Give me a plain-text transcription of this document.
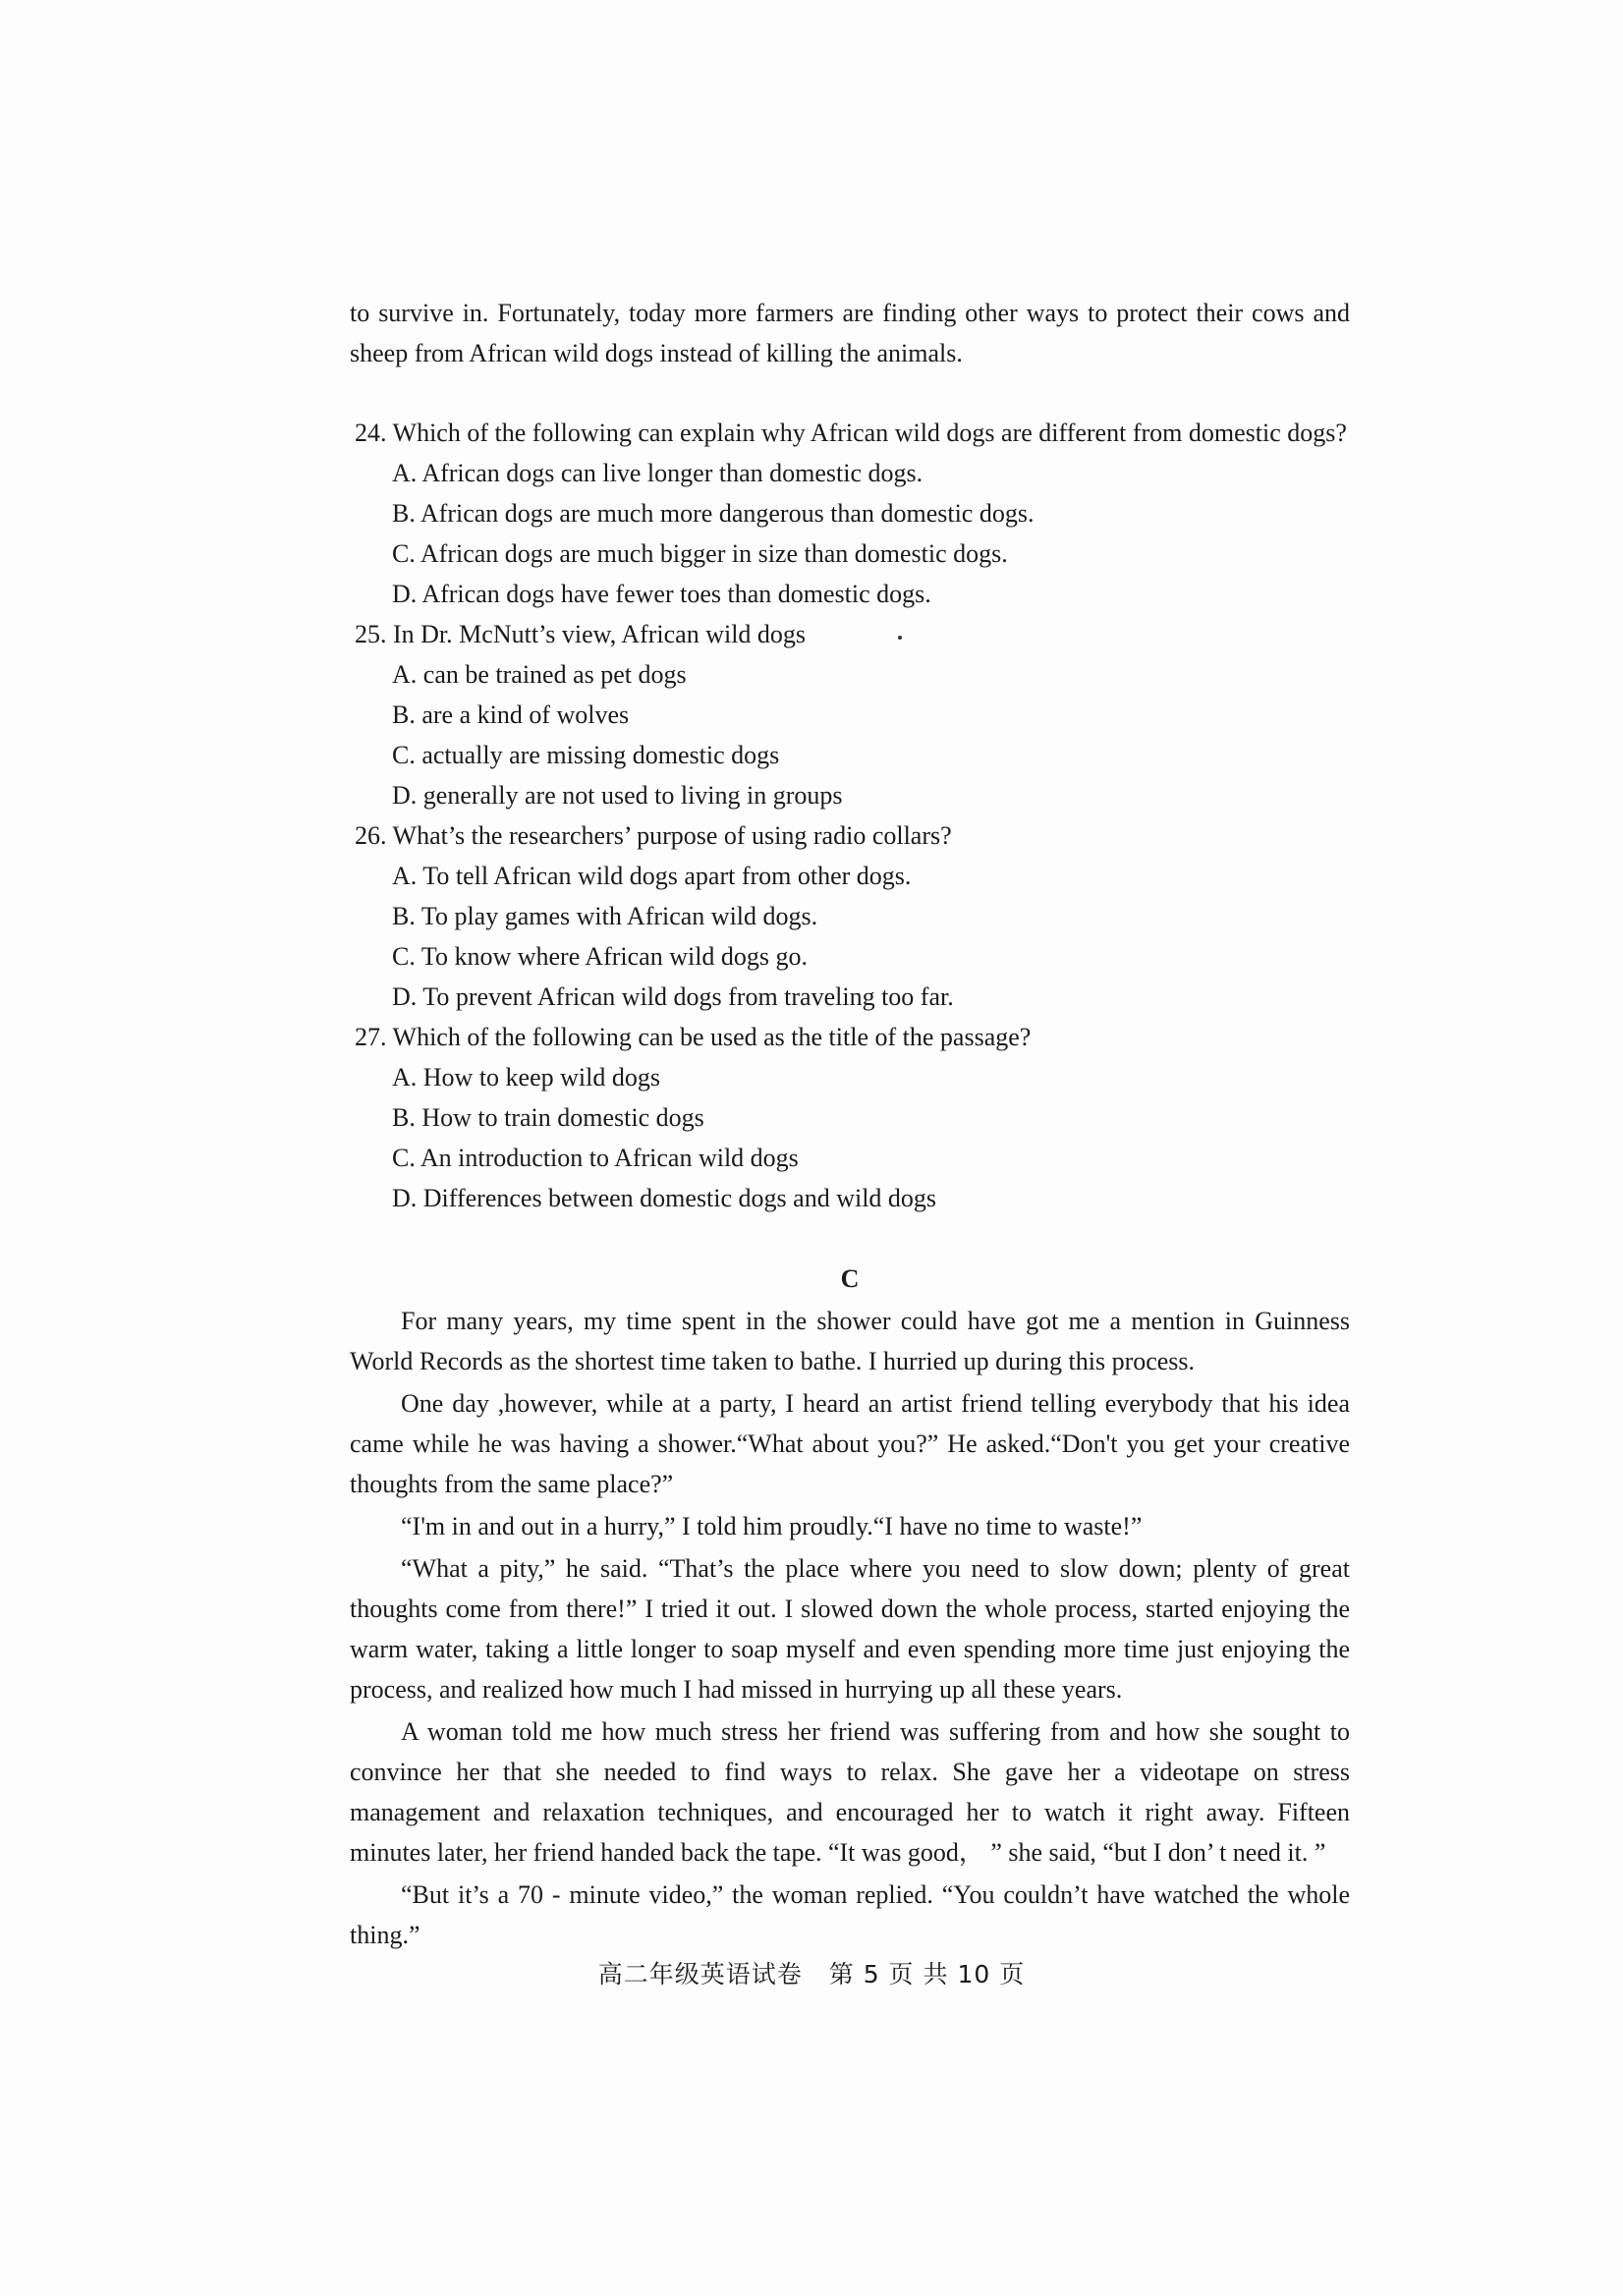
to survive in. Fortunately, today more farmers are finding other ways to protect their cows and sheep from African wild dogs instead of killing the animals.

24. Which of the following can explain why African wild dogs are different from domestic dogs?
A. African dogs can live longer than domestic dogs.
B. African dogs are much more dangerous than domestic dogs.
C. African dogs are much bigger in size than domestic dogs.
D. African dogs have fewer toes than domestic dogs.
25. In Dr. McNutt’s view, African wild dogs
A. can be trained as pet dogs
B. are a kind of wolves
C. actually are missing domestic dogs
D. generally are not used to living in groups
26. What’s the researchers’ purpose of using radio collars?
A. To tell African wild dogs apart from other dogs.
B. To play games with African wild dogs.
C. To know where African wild dogs go.
D. To prevent African wild dogs from traveling too far.
27. Which of the following can be used as the title of the passage?
A. How to keep wild dogs
B. How to train domestic dogs
C. An introduction to African wild dogs
D. Differences between domestic dogs and wild dogs
C

For many years, my time spent in the shower could have got me a mention in Guinness World Records as the shortest time taken to bathe. I hurried up during this process.

One day ,however, while at a party, I heard an artist friend telling everybody that his idea came while he was having a shower.“What about you?” He asked.“Don't you get your creative thoughts from the same place?”

“I'm in and out in a hurry,” I told him proudly.“I have no time to waste!”

“What a pity,” he said. “That’s the place where you need to slow down; plenty of great thoughts come from there!” I tried it out. I slowed down the whole process, started enjoying the warm water, taking a little longer to soap myself and even spending more time just enjoying the process, and realized how much I had missed in hurrying up all these years.

A woman told me how much stress her friend was suffering from and how she sought to convince her that she needed to find ways to relax. She gave her a videotape on stress management and relaxation techniques, and encouraged her to watch it right away. Fifteen minutes later, her friend handed back the tape. “It was good， ” she said, “but I don’ t need it. ”

“But it’s a 70 - minute video,” the woman replied. “You couldn’t have watched the whole thing.”

高二年级英语试卷 第 5 页 共 10 页
